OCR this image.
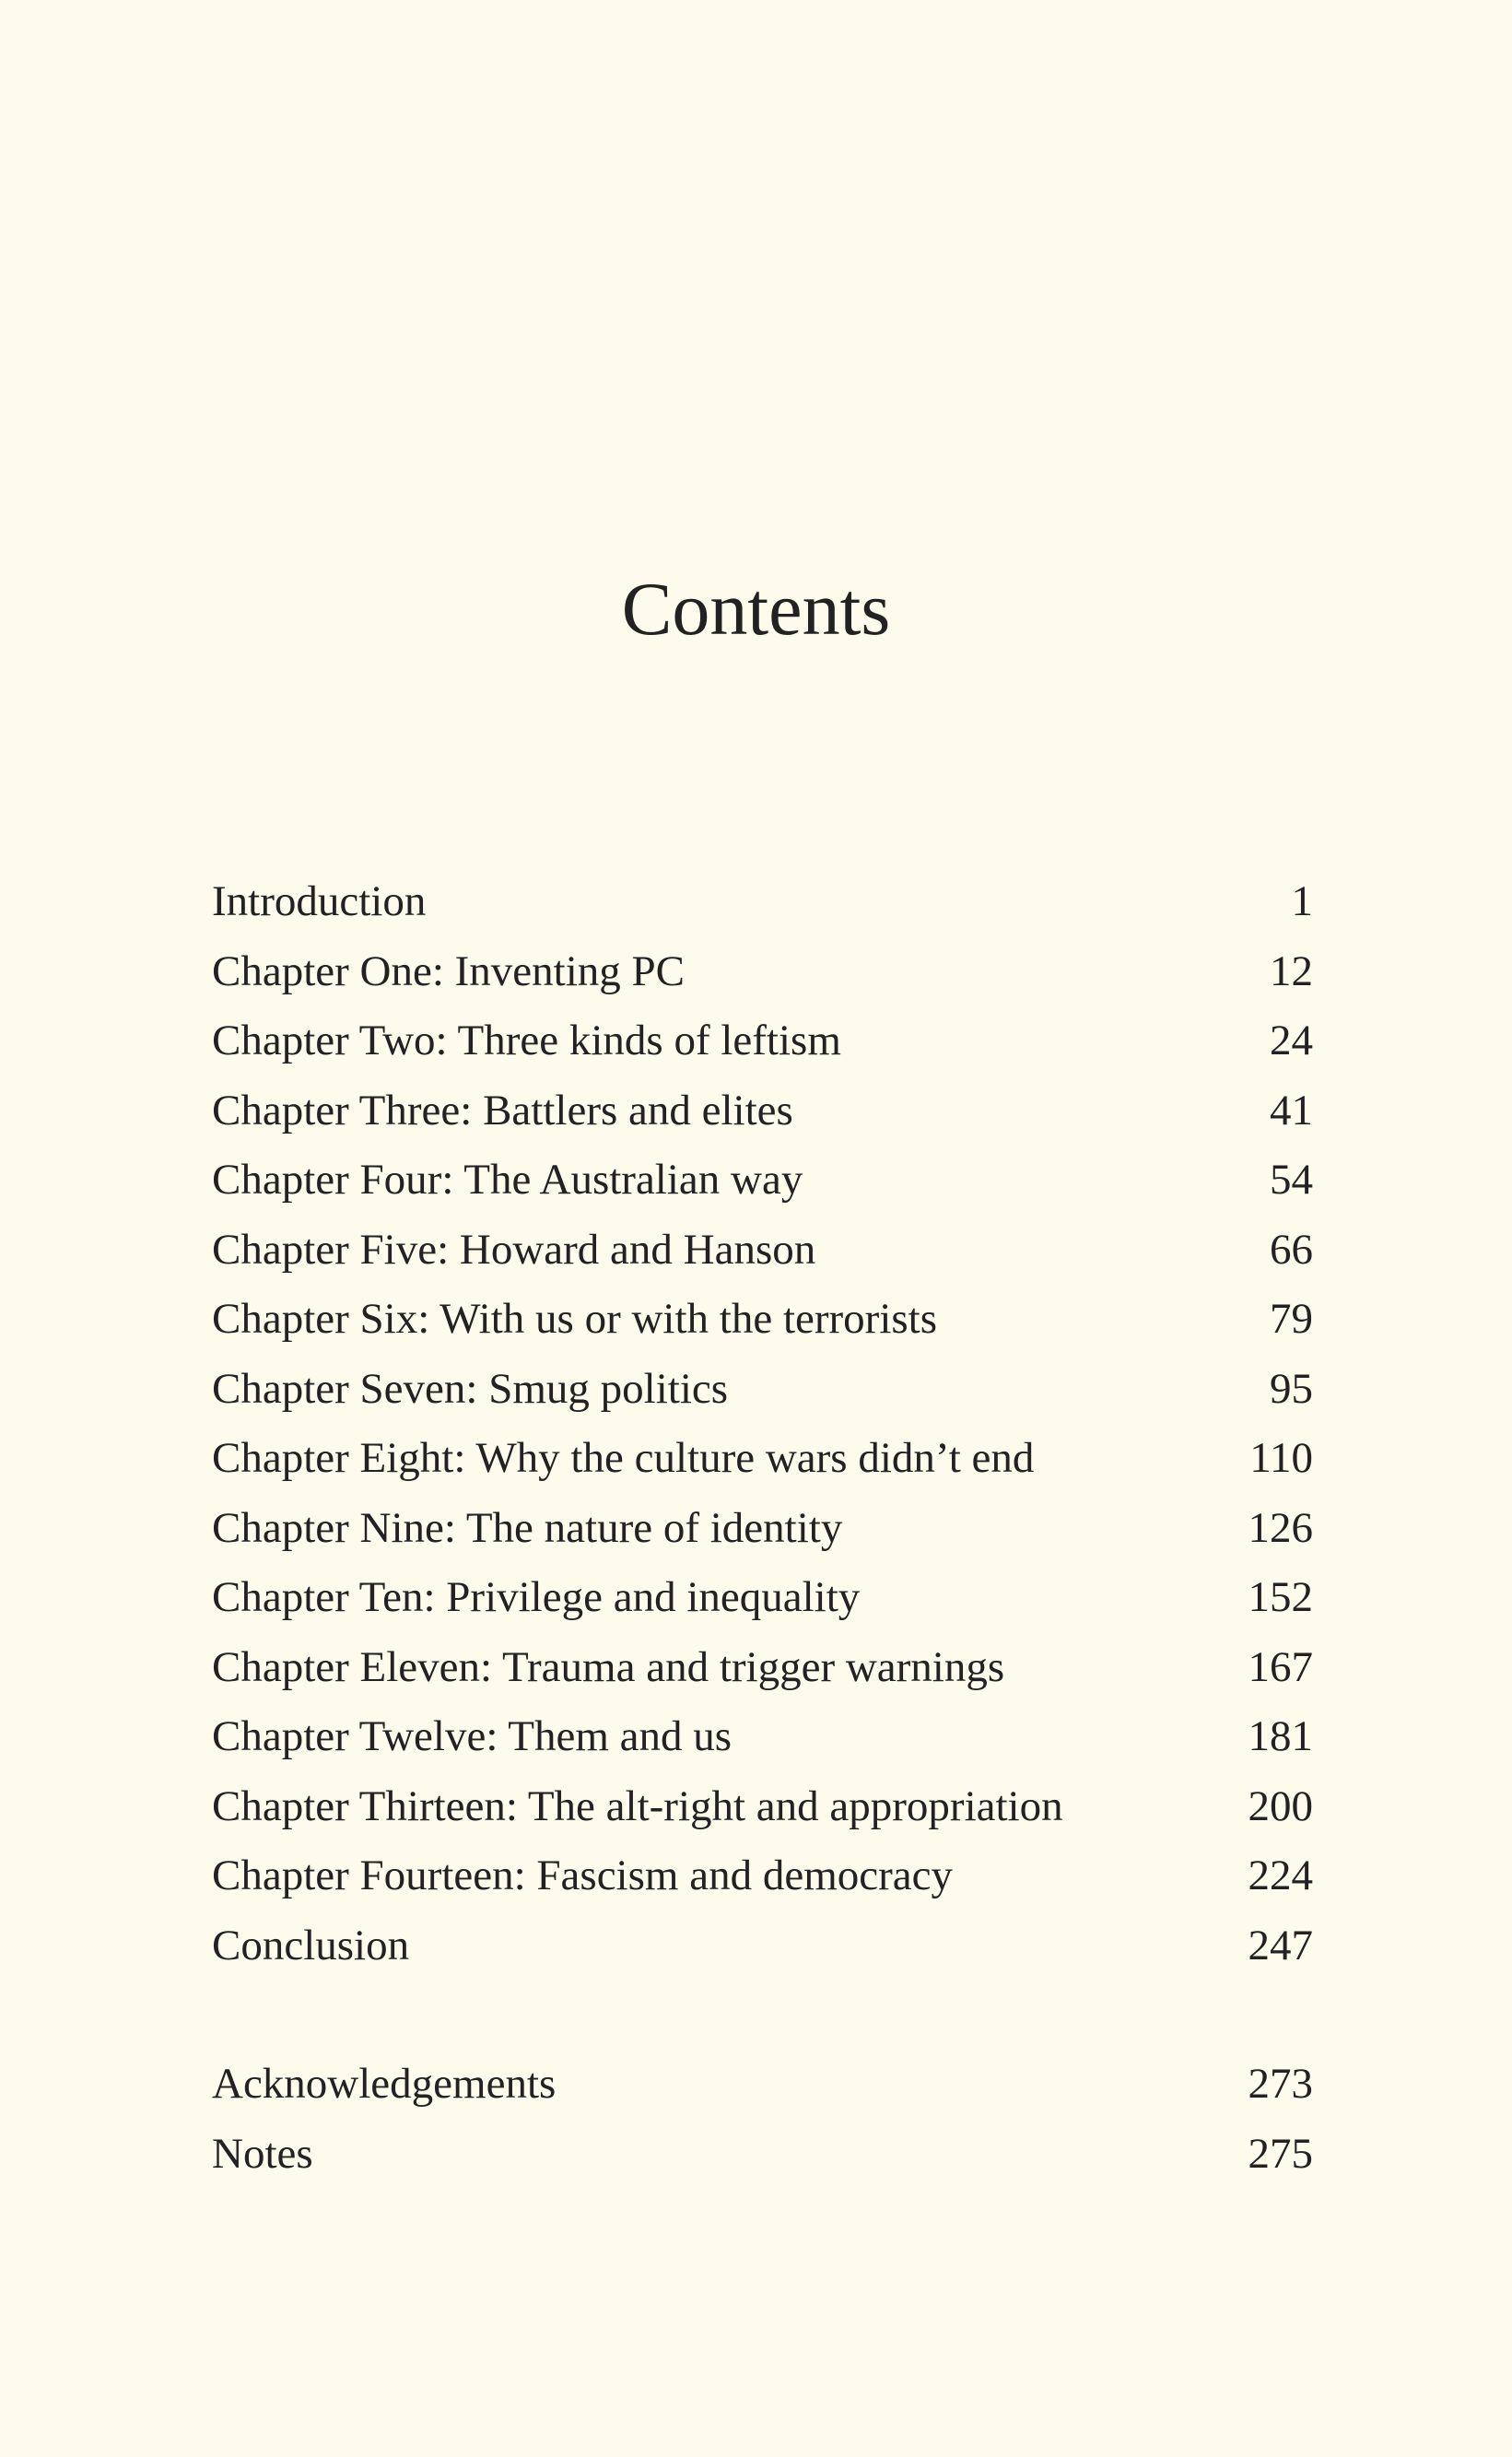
Contents
Introduction	1
Chapter One: Inventing PC	12
Chapter Two: Three kinds of leftism	24
Chapter Three: Battlers and elites	41
Chapter Four: The Australian way	54
Chapter Five: Howard and Hanson	66
Chapter Six: With us or with the terrorists	79
Chapter Seven: Smug politics	95
Chapter Eight: Why the culture wars didn’t end	110
Chapter Nine: The nature of identity	126
Chapter Ten: Privilege and inequality	152
Chapter Eleven: Trauma and trigger warnings	167
Chapter Twelve: Them and us	181
Chapter Thirteen: The alt-right and appropriation	200
Chapter Fourteen: Fascism and democracy	224
Conclusion	247
Acknowledgements	273
Notes	275
